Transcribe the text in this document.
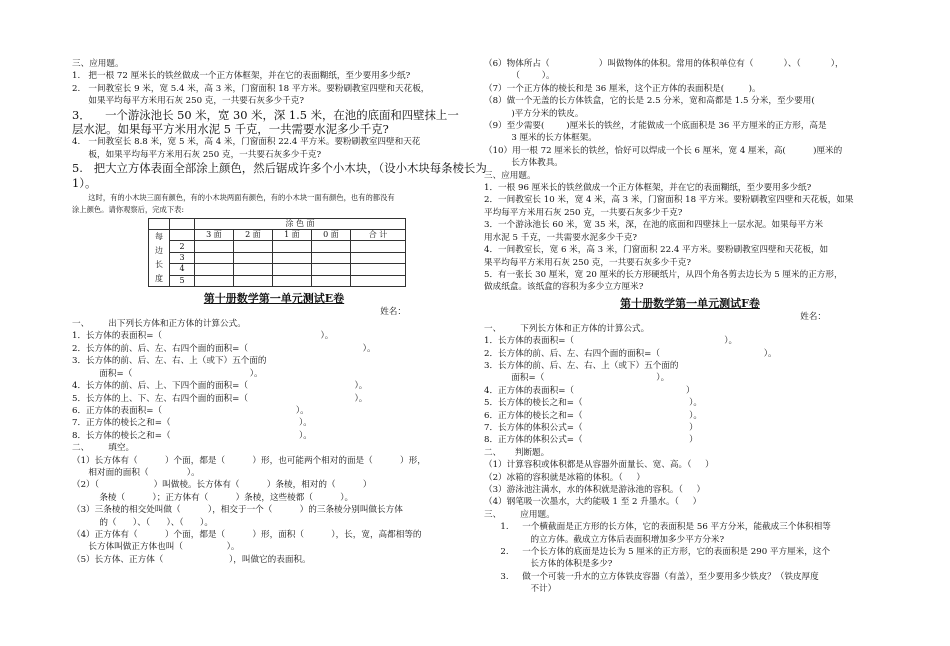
三、应用题。
1.   把一根 72 厘米长的铁丝做成一个正方体框架，并在它的表面糊纸，至少要用多少纸?
2.   一间教室长 9 米，宽 5.4 米，高 3 米，门窗面积 18 平方米。要粉刷教室四壁和天花板，
如果平均每平方米用石灰 250 克，一共要石灰多少千克?
3．    一个游泳池长 50 米，宽 30 米，深 1.5 米，在池的底面和四壁抹上一
层水泥。如果每平方米用水泥 5 千克，一共需要水泥多少千克?
4.   一间教室长 8.8 米，宽 5 米，高 4 米，门窗面积 22.4 平方米。要粉刷教室四壁和天花
板，如果平均每平方米用石灰 250 克，一共要石灰多少千克?
5.   把大立方体表面全部涂上颜色，然后锯成许多个小木块，（设小木块每条棱长为
1）。
这时，有的小木块三面有颜色，有的小木块两面有颜色，有的小木块一面有颜色，也有的都没有
涂上颜色。请你观察后，完成下表:
		涂 色 面				
每边长度		3 面	2 面	1 面	0 面	合 计
	2					
	3					
	4					
	5					
第十册数学第一单元测试E卷
姓名：
一、       出下列长方体和正方体的计算公式。
1．长方体的表面积=（                                                          ）。
2．长方体的前、后、左、右四个面的面积=（                                          ）。
3．长方体的前、后、左、右、上（或下）五个面的
面积=（                                           ）。
4．长方体的前、后、上、下四个面的面积=（                                       ）。
5．长方体的上、下、左、右四个面的面积=（                                       ）。
6．正方体的表面积=（                                                 ）。
7．正方体的棱长之和=（                                               ）。
8．长方体的棱长之和=（                                               ）。
二、       填空。
（1）长方体有（          ）个面，都是（          ）形，也可能两个相对的面是（          ）形，
相对面的面积（              ）。
（2）（                    ）叫做棱。长方体有（          ）条棱，相对的（          ）
条棱（          ）；正方体有（          ）条棱，这些棱都（          ）。
（3）三条棱的相交处叫做（          ），相交于一个（          ）的三条棱分别叫做长方体
的（      ）、（      ）、（      ）。
（4）正方体有（          ）个面，都是（          ）形，面积（          ），长，宽，高都相等的
长方体叫做正方体也叫（                ）。
（5）长方体、正方体（                        ），叫做它的表面积。
（6）物体所占（                  ）叫做物体的体积。常用的体积单位有（           ）、（           ），
（        ）。
（7）一个正方体的棱长和是 36 厘米，这个正方体的表面积是(         )。
（8）做一个无盖的长方体铁盒，它的长是 2.5 分米，宽和高都是 1.5 分米，至少要用(
)平方分米的铁皮。
（9）至少需要(        )厘米长的铁丝，才能做成一个底面积是 36 平方厘米的正方形，高是
3 厘米的长方体框架。
（10）用一根 72 厘米长的铁丝，恰好可以焊成一个长 6 厘米，宽 4 厘米，高(          )厘米的
长方体教具。
三、应用题。
1．一根 96 厘米长的铁丝做成一个正方体框架，并在它的表面糊纸，至少要用多少纸?
2．一间教室长 10 米，宽 4 米，高 3 米，门窗面积 18 平方米。要粉刷教室四壁和天花板，如果
平均每平方米用石灰 250 克，一共要石灰多少千克?
3．一个游泳池长 60 米，宽 35 米，深，在池的底面和四壁抹上一层水泥。如果每平方米
用水泥 5 千克，一共需要水泥多少千克?
4．一间教室长，宽 6 米，高 3 米，门窗面积 22.4 平方米。要粉刷教室四壁和天花板，如
果平均每平方米用石灰 250 克，一共要石灰多少千克?
5．有一张长 30 厘米，宽 20 厘米的长方形硬纸片，从四个角各剪去边长为 5 厘米的正方形，
做成纸盒。该纸盒的容积为多少立方厘米?
第十册数学第一单元测试F卷
姓名：
一、       下列长方体和正方体的计算公式。
1．长方体的表面积=（                                                       ）。
2．长方体的前、后、左、右四个面的面积=（                                      ）。
3．长方体的前、后、左、右、上（或下）五个面的
面积=（                                         ）。
4．正方体的表面积=（                                         ）
5．长方体的棱长之和=（                                       ）。
6．正方体的棱长之和=（                                       ）。
7．长方体的体积公式=（                                       ）
8．正方体的体积公式=（                                       ）
二、     判断题。
（1）计算容积或体积都是从容器外面量长、宽、高。（     ）
（2）冰箱的容积就是冰箱的体积。（     ）
（3）游泳池注满水，水的体积就是游泳池的容积。（     ）
（4）钢笔吸一次墨水，大约能吸 1 至 2 升墨水。（     ）
三、       应用题。
1.     一个横截面是正方形的长方体，它的表面积是 56 平方分米，能截成三个体积相等
的立方体。截成立方体后表面积增加多少平方分米?
2.     一个长方体的底面是边长为 5 厘米的正方形，它的表面积是 290 平方厘米，这个
长方体的体积是多少?
3.     做一个可装一升水的立方体铁皮容器（有盖），至少要用多少铁皮？（铁皮厚度
不计）
